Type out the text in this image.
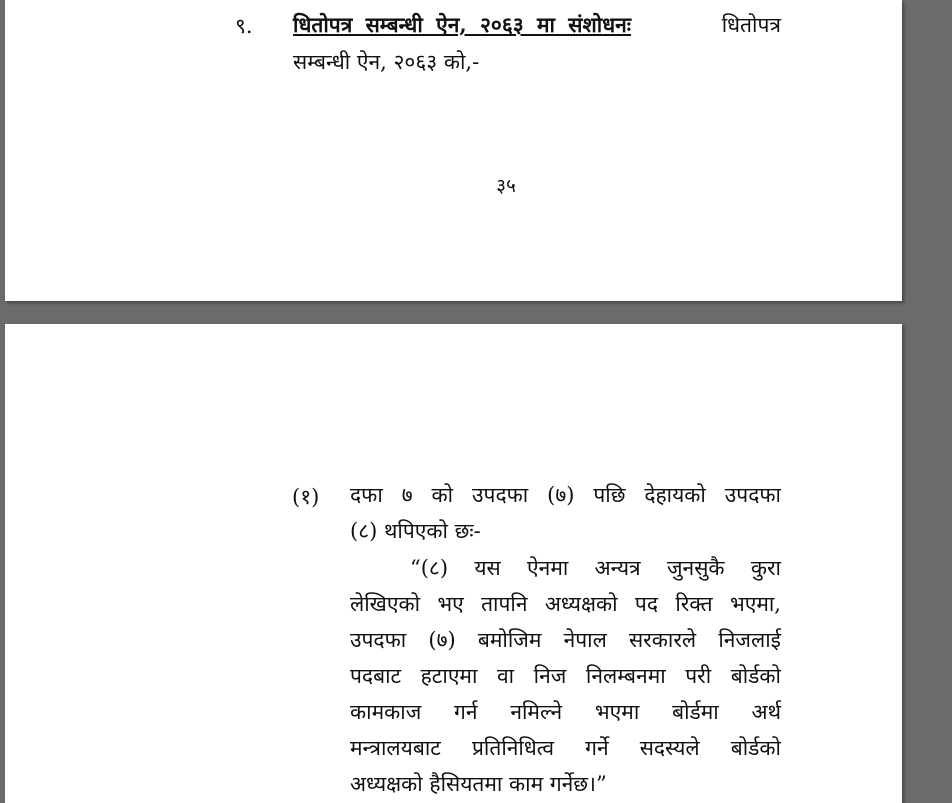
९. धितोपत्र सम्बन्धी ऐन, २०६३ मा संशोधनः	धितोपत्र
सम्बन्धी ऐन, २०६३ को,-
३५
(१) दफा ७ को उपदफा (७) पछि देहायको उपदफा
(८) थपिएको छः-
“(८) यस ऐनमा अन्यत्र जुनसुकै कुरा
लेखिएको भए तापनि अध्यक्षको पद रिक्त भएमा,
उपदफा (७) बमोजिम नेपाल सरकारले निजलाई
पदबाट हटाएमा वा निज निलम्बनमा परी बोर्डको
कामकाज गर्न नमिल्ने भएमा बोर्डमा अर्थ
मन्त्रालयबाट प्रतिनिधित्व गर्ने सदस्यले बोर्डको
अध्यक्षको हैसियतमा काम गर्नेछ।”
